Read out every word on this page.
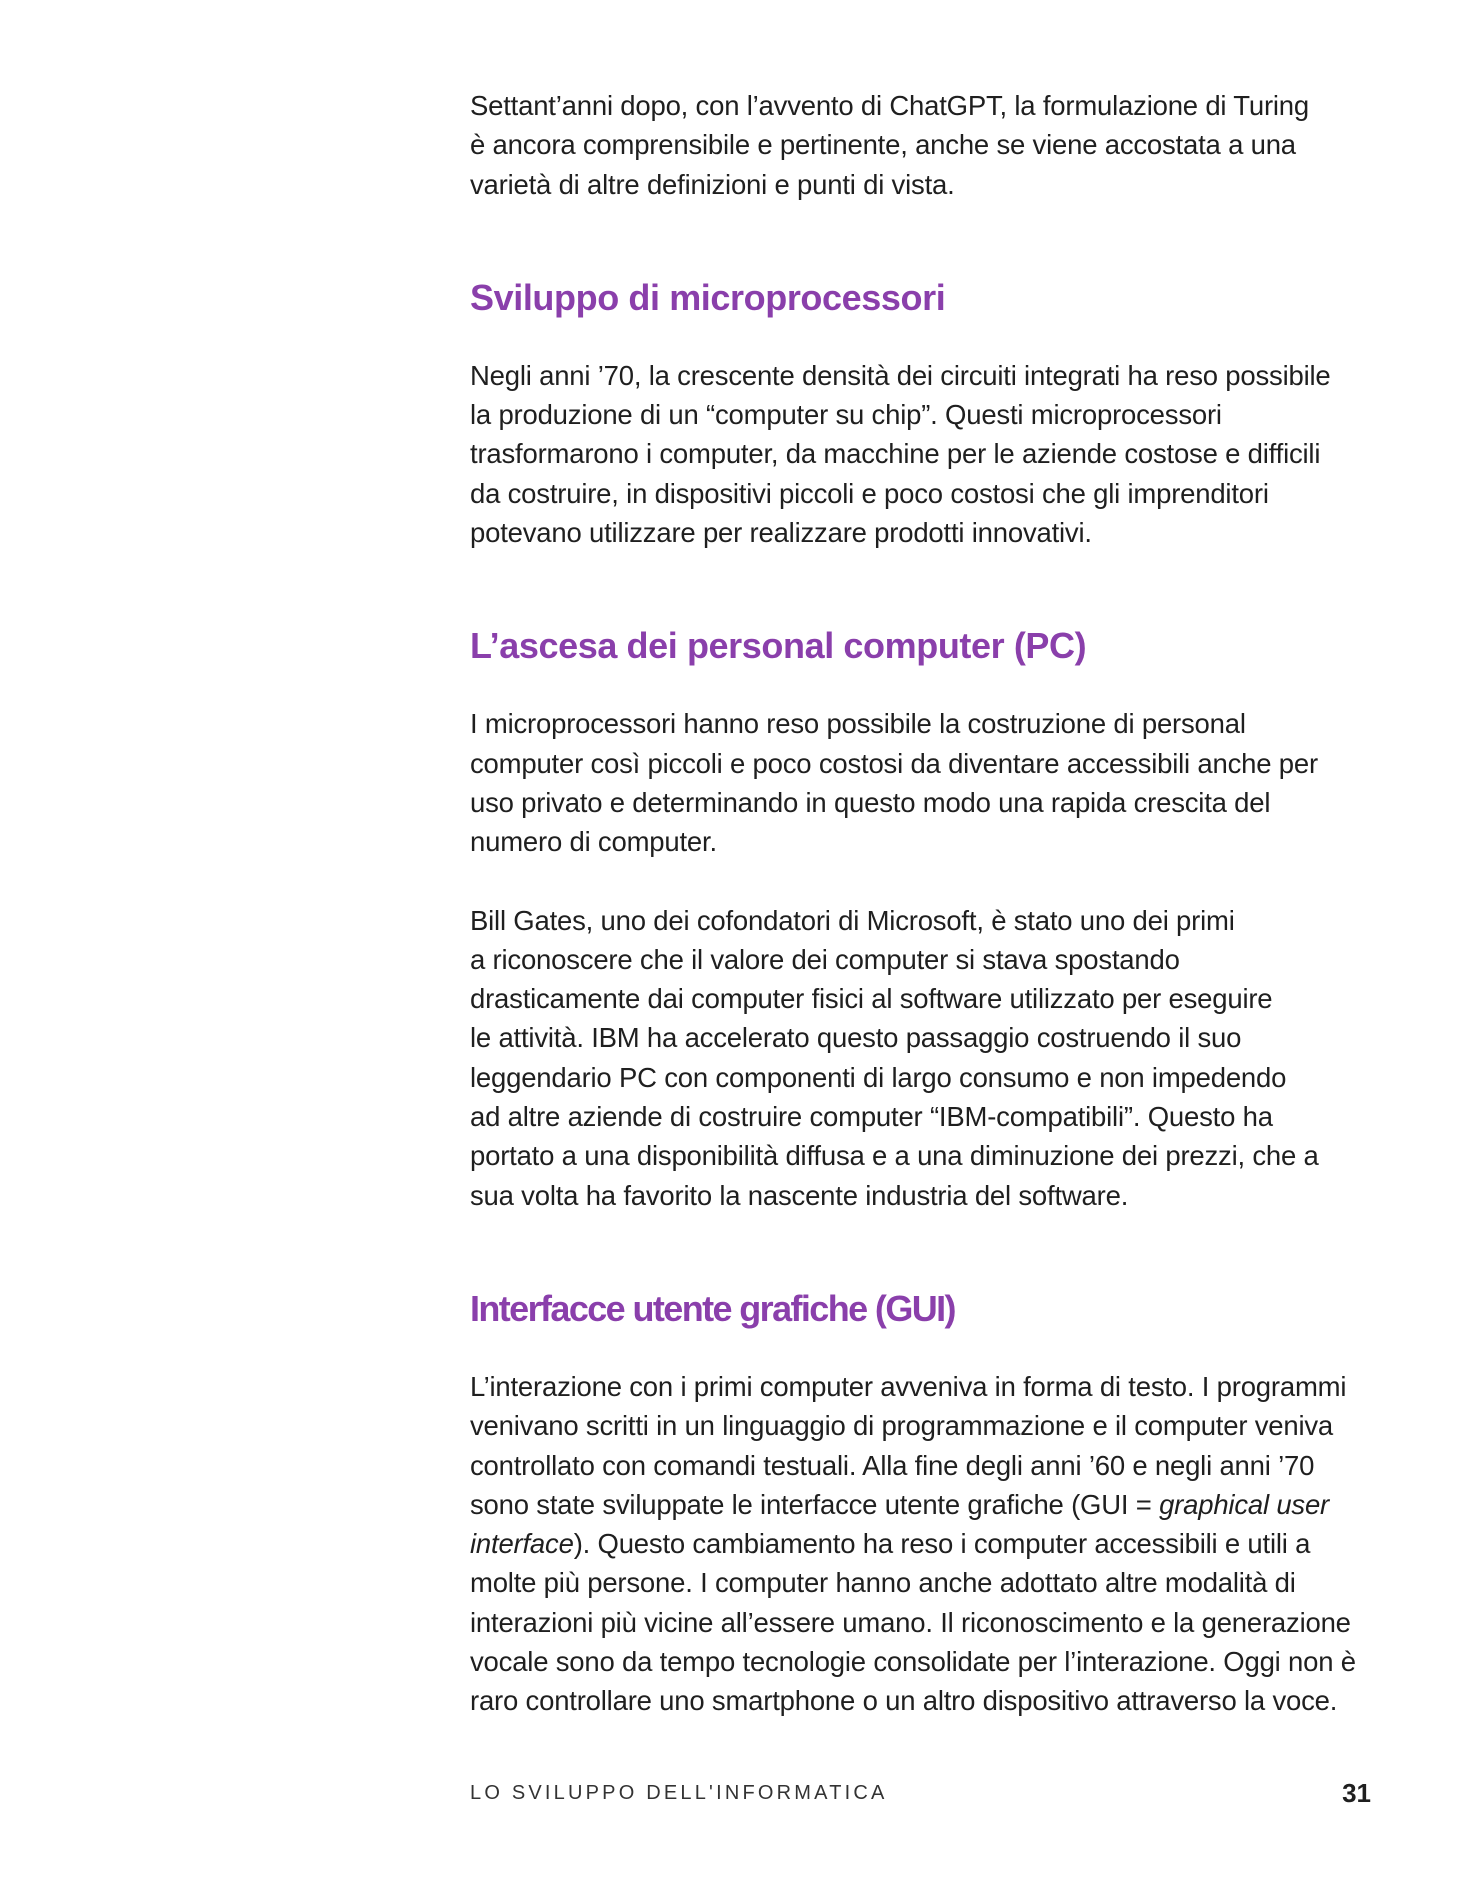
Settant’anni dopo, con l’avvento di ChatGPT, la formulazione di Turing
è ancora comprensibile e pertinente, anche se viene accostata a una
varietà di altre definizioni e punti di vista.

Sviluppo di microprocessori

Negli anni ’70, la crescente densità dei circuiti integrati ha reso possibile
la produzione di un “computer su chip”. Questi microprocessori
trasformarono i computer, da macchine per le aziende costose e difficili
da costruire, in dispositivi piccoli e poco costosi che gli imprenditori
potevano utilizzare per realizzare prodotti innovativi.

L’ascesa dei personal computer (PC)

I microprocessori hanno reso possibile la costruzione di personal
computer così piccoli e poco costosi da diventare accessibili anche per
uso privato e determinando in questo modo una rapida crescita del
numero di computer.

Bill Gates, uno dei cofondatori di Microsoft, è stato uno dei primi
a riconoscere che il valore dei computer si stava spostando
drasticamente dai computer fisici al software utilizzato per eseguire
le attività. IBM ha accelerato questo passaggio costruendo il suo
leggendario PC con componenti di largo consumo e non impedendo
ad altre aziende di costruire computer “IBM-compatibili”. Questo ha
portato a una disponibilità diffusa e a una diminuzione dei prezzi, che a
sua volta ha favorito la nascente industria del software.

Interfacce utente grafiche (GUI)

L’interazione con i primi computer avveniva in forma di testo. I programmi
venivano scritti in un linguaggio di programmazione e il computer veniva
controllato con comandi testuali. Alla fine degli anni ’60 e negli anni ’70
sono state sviluppate le interfacce utente grafiche (GUI = graphical user
interface). Questo cambiamento ha reso i computer accessibili e utili a
molte più persone. I computer hanno anche adottato altre modalità di
interazioni più vicine all’essere umano. Il riconoscimento e la generazione
vocale sono da tempo tecnologie consolidate per l’interazione. Oggi non è
raro controllare uno smartphone o un altro dispositivo attraverso la voce.

LO SVILUPPO DELL'INFORMATICA	31
